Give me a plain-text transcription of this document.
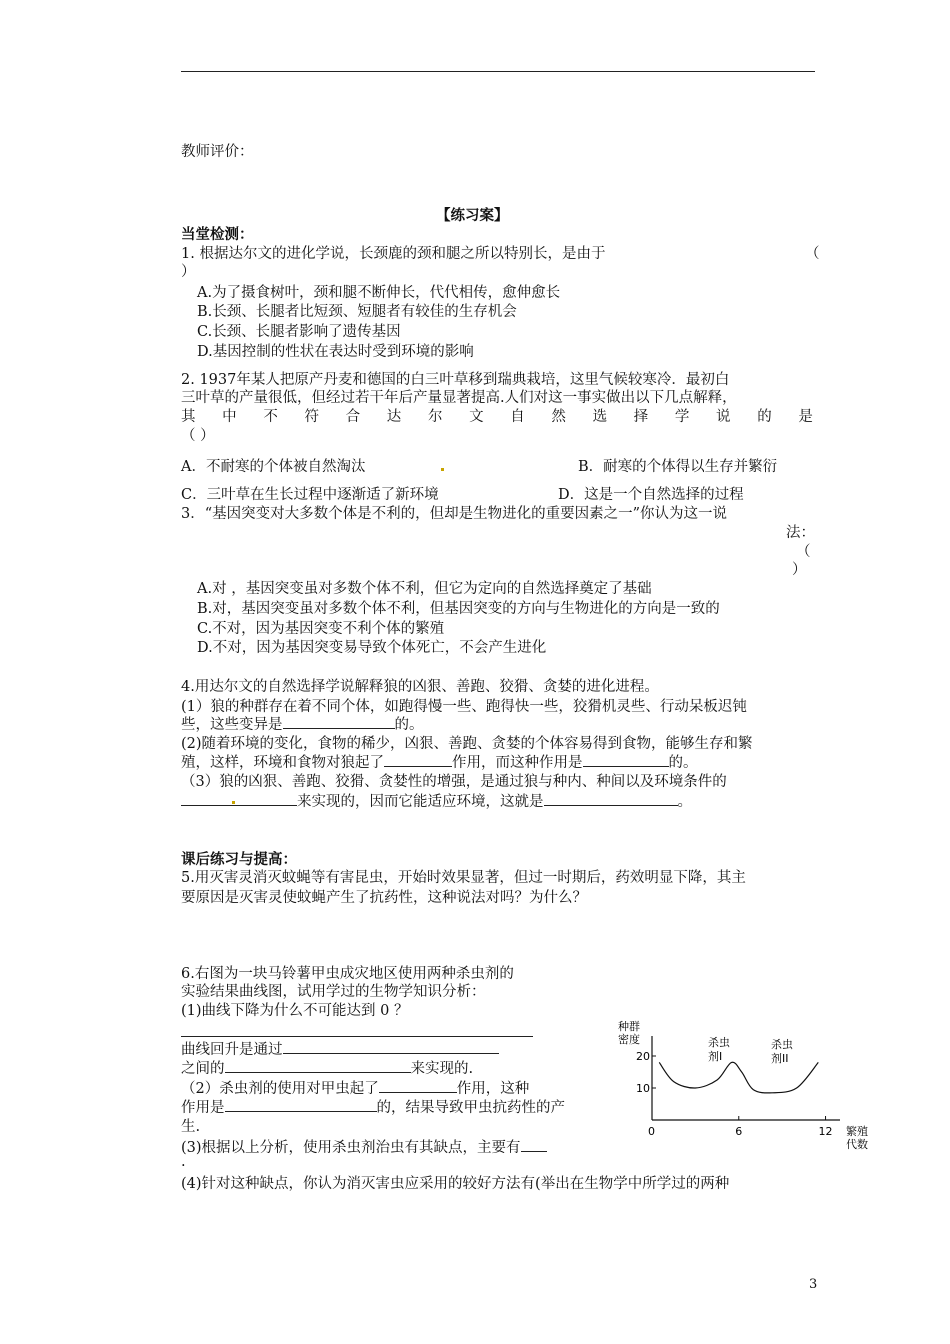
教师评价：
【练习案】
当堂检测：
1. 根据达尔文的进化学说，长颈鹿的颈和腿之所以特别长，是由于	（
）
A.为了摄食树叶，颈和腿不断伸长，代代相传，愈伸愈长
B.长颈、长腿者比短颈、短腿者有较佳的生存机会
C.长颈、长腿者影响了遗传基因
D.基因控制的性状在表达时受到环境的影响
2. 1937年某人把原产丹麦和德国的白三叶草移到瑞典栽培，这里气候较寒冷．最初白
三叶草的产量很低，但经过若干年后产量显著提高.人们对这一事实做出以下几点解释，
其 中 不 符 合 达 尔 文 自 然 选 择 学 说 的 是
（ ）
A．不耐寒的个体被自然淘汰	B．耐寒的个体得以生存并繁衍
C．三叶草在生长过程中逐渐适了新环境	D．这是一个自然选择的过程
3．“基因突变对大多数个体是不利的，但却是生物进化的重要因素之一”你认为这一说
法：
（
）
A.对 ，基因突变虽对多数个体不利，但它为定向的自然选择奠定了基础
B.对，基因突变虽对多数个体不利，但基因突变的方向与生物进化的方向是一致的
C.不对，因为基因突变不利个体的繁殖
D.不对，因为基因突变易导致个体死亡，不会产生进化
4.用达尔文的自然选择学说解释狼的凶狠、善跑、狡猾、贪婪的进化进程。
(1）狼的种群存在着不同个体，如跑得慢一些、跑得快一些，狡猾机灵些、行动呆板迟钝
些，这些变异是	的。
(2)随着环境的变化，食物的稀少，凶狠、善跑、贪婪的个体容易得到食物，能够生存和繁
殖，这样，环境和食物对狼起了	作用，而这种作用是	的。
（3）狼的凶狠、善跑、狡猾、贪婪性的增强，是通过狼与种内、种间以及环境条件的
来实现的，因而它能适应环境，这就是	。
课后练习与提高：
5.用灭害灵消灭蚊蝇等有害昆虫，开始时效果显著，但过一时期后，药效明显下降，其主
要原因是灭害灵使蚊蝇产生了抗药性，这种说法对吗？为什么？
6.右图为一块马铃薯甲虫成灾地区使用两种杀虫剂的
实验结果曲线图，试用学过的生物学知识分析：
(1)曲线下降为什么不可能达到 0 ？
曲线回升是通过
之间的	来实现的.
（2）杀虫剂的使用对甲虫起了	作用，这种
作用是	的，结果导致甲虫抗药性的产
生.
(3)根据以上分析，使用杀虫剂治虫有其缺点，主要有
.
(4)针对这种缺点，你认为消灭害虫应采用的较好方法有(举出在生物学中所学过的两种
10
20
6	12
0
种群
密度
繁殖
代数
杀虫
剂I
杀虫
剂II
3
